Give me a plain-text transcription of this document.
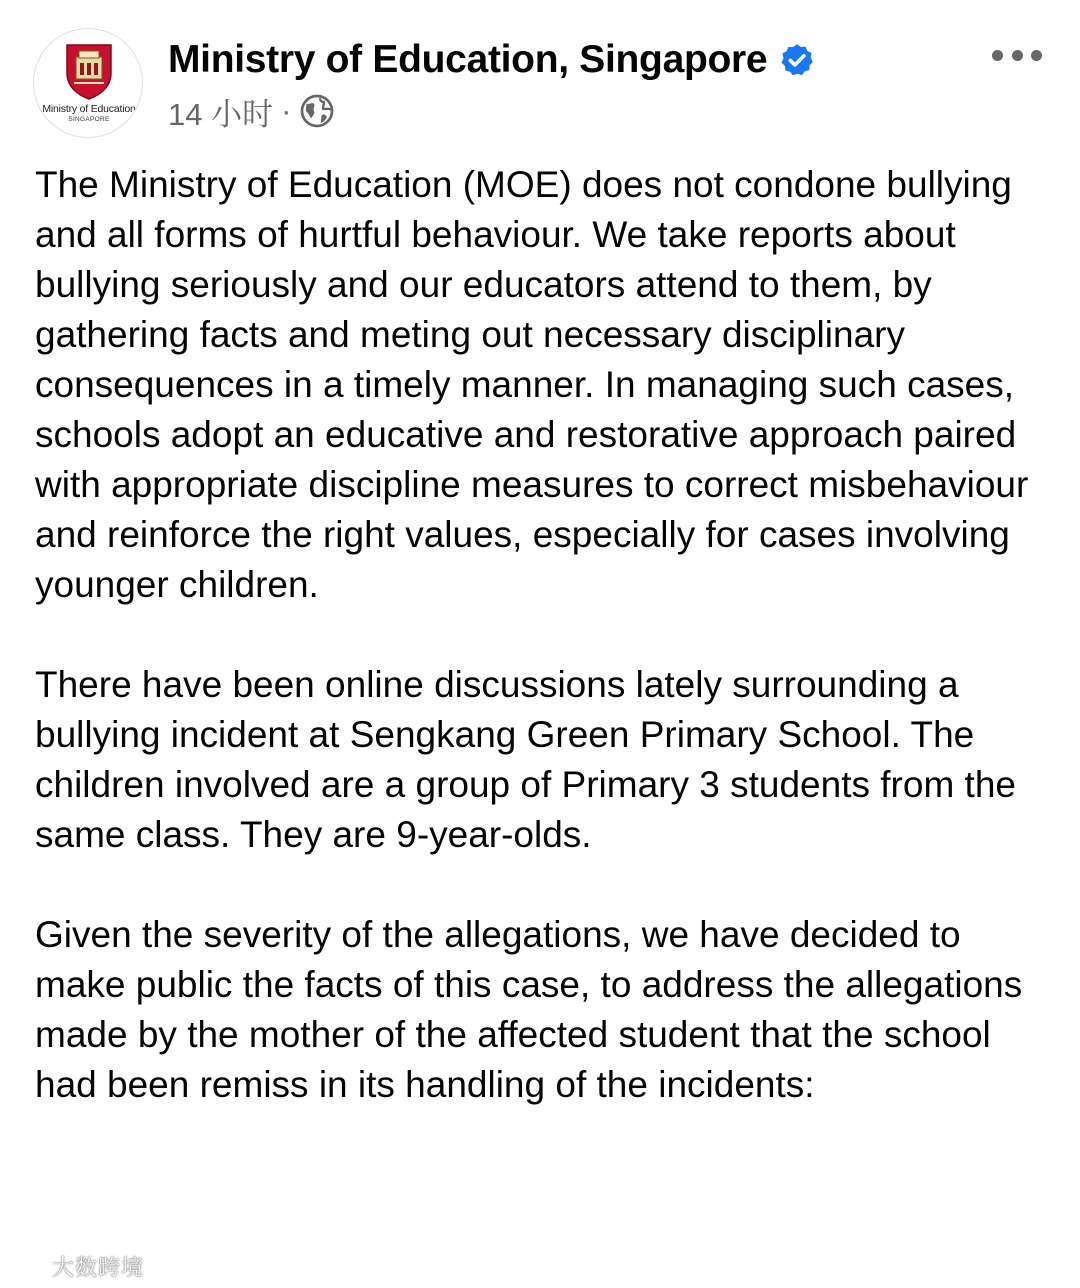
Ministry of Education
SINGAPORE
Ministry of Education, Singapore
14 小时 ·

The Ministry of Education (MOE) does not condone bullying and all forms of hurtful behaviour. We take reports about bullying seriously and our educators attend to them, by gathering facts and meting out necessary disciplinary consequences in a timely manner. In managing such cases, schools adopt an educative and restorative approach paired with appropriate discipline measures to correct misbehaviour and reinforce the right values, especially for cases involving younger children.

There have been online discussions lately surrounding a bullying incident at Sengkang Green Primary School. The children involved are a group of Primary 3 students from the same class. They are 9-year-olds.

Given the severity of the allegations, we have decided to make public the facts of this case, to address the allegations made by the mother of the affected student that the school had been remiss in its handling of the incidents:

大数跨境
